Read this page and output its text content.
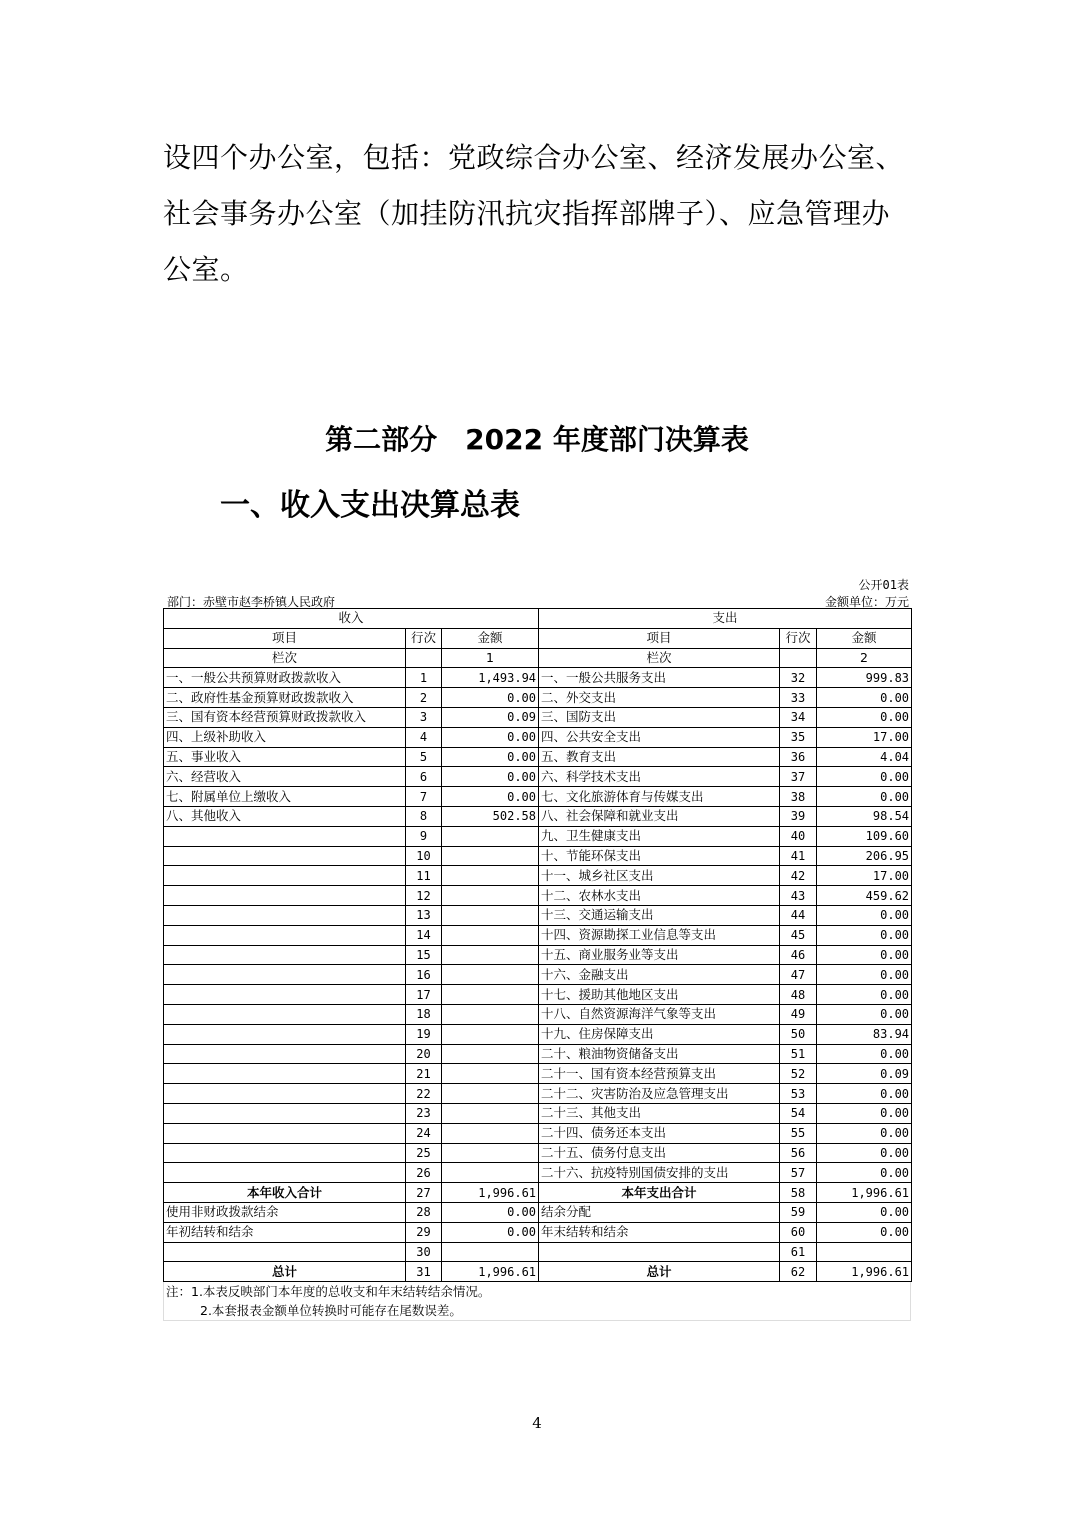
设四个办公室，包括：党政综合办公室、经济发展办公室、
社会事务办公室（加挂防汛抗灾指挥部牌子）、应急管理办
公室。
第二部分　2022 年度部门决算表
一、收入支出决算总表
公开01表
部门：赤壁市赵李桥镇人民政府	金额单位：万元
收入			支出		
项目	行次	金额	项目	行次	金额
栏次		1	栏次		2
一、一般公共预算财政拨款收入	1	1,493.94	一、一般公共服务支出	32	999.83
二、政府性基金预算财政拨款收入	2	0.00	二、外交支出	33	0.00
三、国有资本经营预算财政拨款收入	3	0.09	三、国防支出	34	0.00
四、上级补助收入	4	0.00	四、公共安全支出	35	17.00
五、事业收入	5	0.00	五、教育支出	36	4.04
六、经营收入	6	0.00	六、科学技术支出	37	0.00
七、附属单位上缴收入	7	0.00	七、文化旅游体育与传媒支出	38	0.00
八、其他收入	8	502.58	八、社会保障和就业支出	39	98.54
	9		九、卫生健康支出	40	109.60
	10		十、节能环保支出	41	206.95
	11		十一、城乡社区支出	42	17.00
	12		十二、农林水支出	43	459.62
	13		十三、交通运输支出	44	0.00
	14		十四、资源勘探工业信息等支出	45	0.00
	15		十五、商业服务业等支出	46	0.00
	16		十六、金融支出	47	0.00
	17		十七、援助其他地区支出	48	0.00
	18		十八、自然资源海洋气象等支出	49	0.00
	19		十九、住房保障支出	50	83.94
	20		二十、粮油物资储备支出	51	0.00
	21		二十一、国有资本经营预算支出	52	0.09
	22		二十二、灾害防治及应急管理支出	53	0.00
	23		二十三、其他支出	54	0.00
	24		二十四、债务还本支出	55	0.00
	25		二十五、债务付息支出	56	0.00
	26		二十六、抗疫特别国债安排的支出	57	0.00
本年收入合计	27	1,996.61	本年支出合计	58	1,996.61
使用非财政拨款结余	28	0.00	结余分配	59	0.00
年初结转和结余	29	0.00	年末结转和结余	60	0.00
	30			61	
总计	31	1,996.61	总计	62	1,996.61
注：1.本表反映部门本年度的总收支和年末结转结余情况。
2.本套报表金额单位转换时可能存在尾数误差。
4
